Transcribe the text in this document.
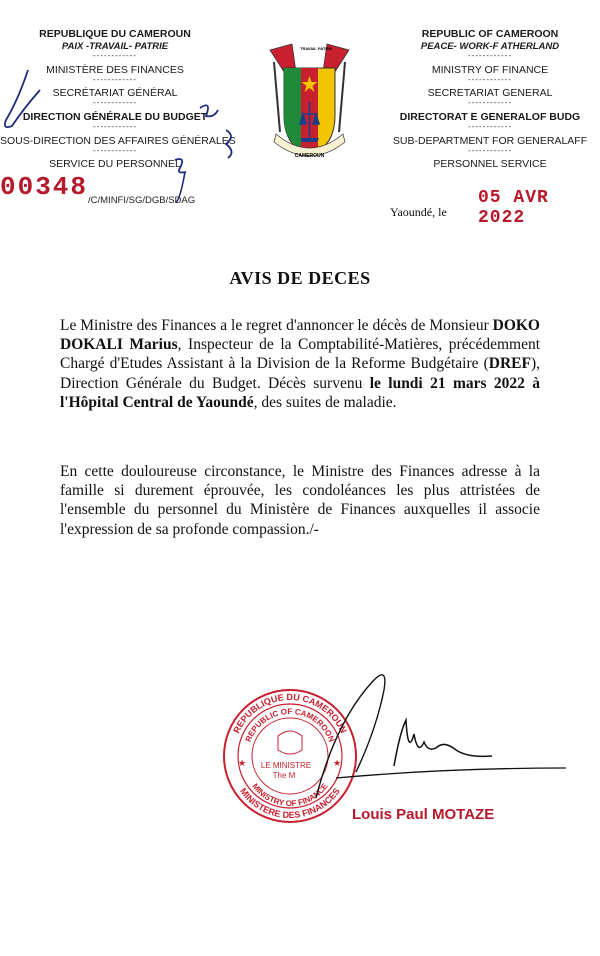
REPUBLIQUE DU CAMEROUN
PAIX -TRAVAIL- PATRIE
------------
MINISTÈRE DES FINANCES
------------
SECRÉTARIAT GÉNÉRAL
------------
DIRECTION GÉNÉRALE DU BUDGET
------------
SOUS-DIRECTION DES AFFAIRES GÉNÉRALES
------------
SERVICE DU PERSONNEL
REPUBLIC OF CAMEROON
PEACE- WORK-F ATHERLAND
------------
MINISTRY OF FINANCE
------------
SECRETARIAT GENERAL
------------
DIRECTORAT E GENERALOF BUDG
------------
SUB-DEPARTMENT FOR GENERALAFF
------------
PERSONNEL SERVICE
TRAVAIL PATRIE
CAMEROUN
00348 /C/MINFI/SG/DGB/SDAG
Yaoundé, le
05 AVR 2022
AVIS DE DECES

Le Ministre des Finances a le regret d'annoncer le décès de Monsieur DOKO DOKALI Marius, Inspecteur de la Comptabilité-Matières, précédemment Chargé d'Etudes Assistant à la Division de la Reforme Budgétaire (DREF), Direction Générale du Budget. Décès survenu le lundi 21 mars 2022 à l'Hôpital Central de Yaoundé, des suites de maladie.

En cette douloureuse circonstance, le Ministre des Finances adresse à la famille si durement éprouvée, les condoléances les plus attristées de l'ensemble du personnel du Ministère de Finances auxquelles il associe l'expression de sa profonde compassion./-

REPUBLIQUE DU CAMEROUN
REPUBLIC OF CAMEROON
MINISTRY OF FINANCE
MINISTERE DES FINANCES
LE MINISTRE
The M
★	★
Louis Paul MOTAZE
